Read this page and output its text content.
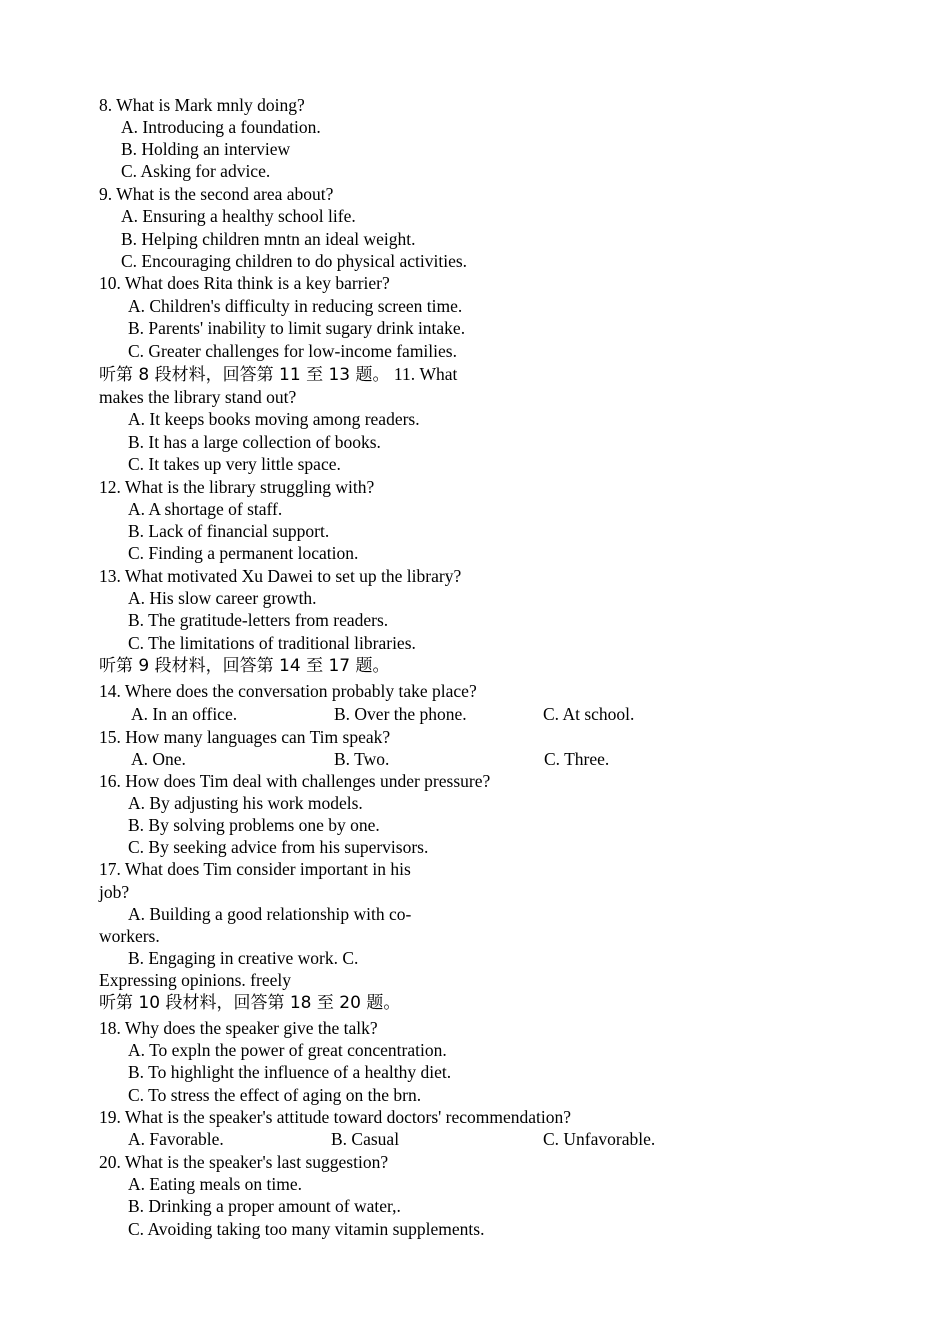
8. What is Mark mnly doing?
A. Introducing a foundation.
B. Holding an interview
C. Asking for advice.
9. What is the second area about?
A. Ensuring a healthy school life.
B. Helping children mntn an ideal weight.
C. Encouraging children to do physical activities.
10. What does Rita think is a key barrier?
A. Children's difficulty in reducing screen time.
B. Parents' inability to limit sugary drink intake.
C. Greater challenges for low-income families.
听第 8 段材料，回答第 11 至 13 题。 11. What
makes the library stand out?
A. It keeps books moving among readers.
B. It has a large collection of books.
C. It takes up very little space.
12. What is the library struggling with?
A. A shortage of staff.
B. Lack of financial support.
C. Finding a permanent location.
13. What motivated Xu Dawei to set up the library?
A. His slow career growth.
B. The gratitude-letters from readers.
C. The limitations of traditional libraries.
听第 9 段材料，回答第 14 至 17 题。
14. Where does the conversation probably take place?
A. In an office.	B. Over the phone.	C. At school.
15. How many languages can Tim speak?
A. One.	B. Two.	C. Three.
16. How does Tim deal with challenges under pressure?
A. By adjusting his work models.
B. By solving problems one by one.
C. By seeking advice from his supervisors.
17. What does Tim consider important in his
job?
A. Building a good relationship with co-
workers.
B. Engaging in creative work. C.
Expressing opinions. freely
听第 10 段材料，回答第 18 至 20 题。
18. Why does the speaker give the talk?
A. To expln the power of great concentration.
B. To highlight the influence of a healthy diet.
C. To stress the effect of aging on the brn.
19. What is the speaker's attitude toward doctors' recommendation?
A. Favorable.	B. Casual	C. Unfavorable.
20. What is the speaker's last suggestion?
A. Eating meals on time.
B. Drinking a proper amount of water,.
C. Avoiding taking too many vitamin supplements.
